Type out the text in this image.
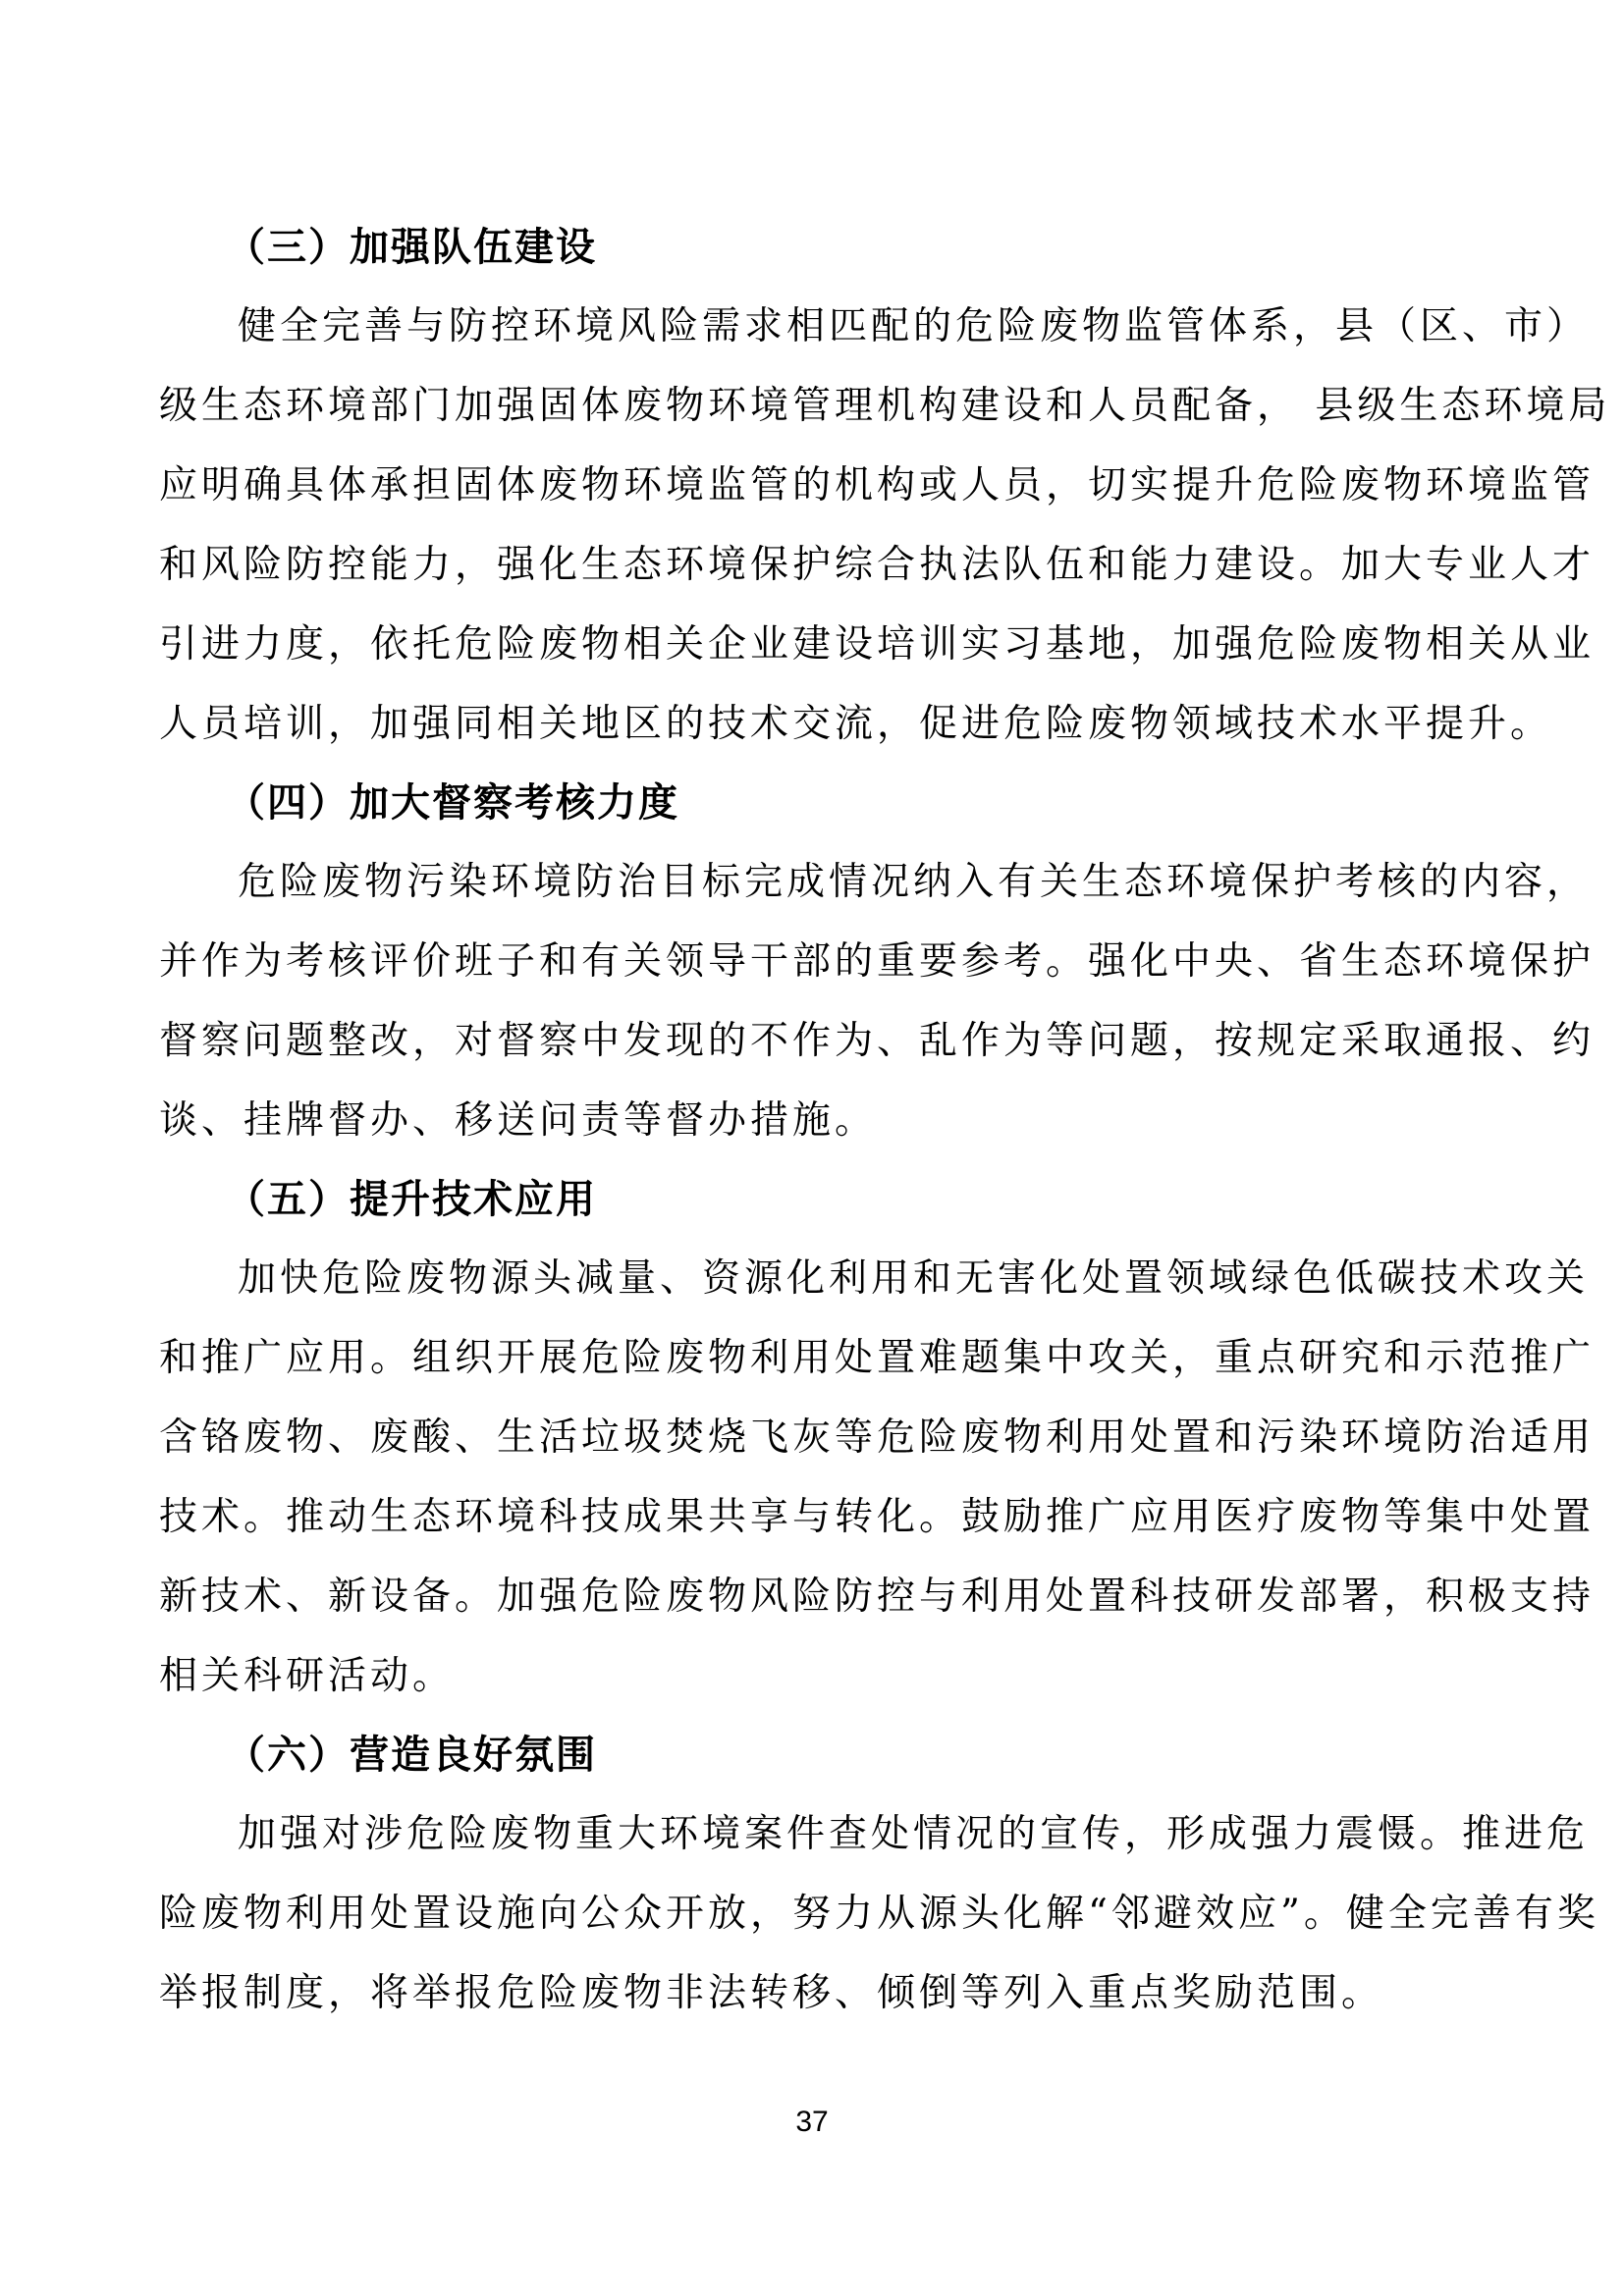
（三）加强队伍建设

健全完善与防控环境风险需求相匹配的危险废物监管体系，县（区、市）
级生态环境部门加强固体废物环境管理机构建设和人员配备， 县级生态环境局
应明确具体承担固体废物环境监管的机构或人员，切实提升危险废物环境监管
和风险防控能力，强化生态环境保护综合执法队伍和能力建设。加大专业人才
引进力度，依托危险废物相关企业建设培训实习基地，加强危险废物相关从业
人员培训，加强同相关地区的技术交流，促进危险废物领域技术水平提升。

（四）加大督察考核力度

危险废物污染环境防治目标完成情况纳入有关生态环境保护考核的内容，
并作为考核评价班子和有关领导干部的重要参考。强化中央、省生态环境保护
督察问题整改，对督察中发现的不作为、乱作为等问题，按规定采取通报、约
谈、挂牌督办、移送问责等督办措施。

（五）提升技术应用

加快危险废物源头减量、资源化利用和无害化处置领域绿色低碳技术攻关
和推广应用。组织开展危险废物利用处置难题集中攻关，重点研究和示范推广
含铬废物、废酸、生活垃圾焚烧飞灰等危险废物利用处置和污染环境防治适用
技术。推动生态环境科技成果共享与转化。鼓励推广应用医疗废物等集中处置
新技术、新设备。加强危险废物风险防控与利用处置科技研发部署，积极支持
相关科研活动。

（六）营造良好氛围

加强对涉危险废物重大环境案件查处情况的宣传，形成强力震慑。推进危
险废物利用处置设施向公众开放，努力从源头化解“邻避效应”。健全完善有奖
举报制度，将举报危险废物非法转移、倾倒等列入重点奖励范围。

37
